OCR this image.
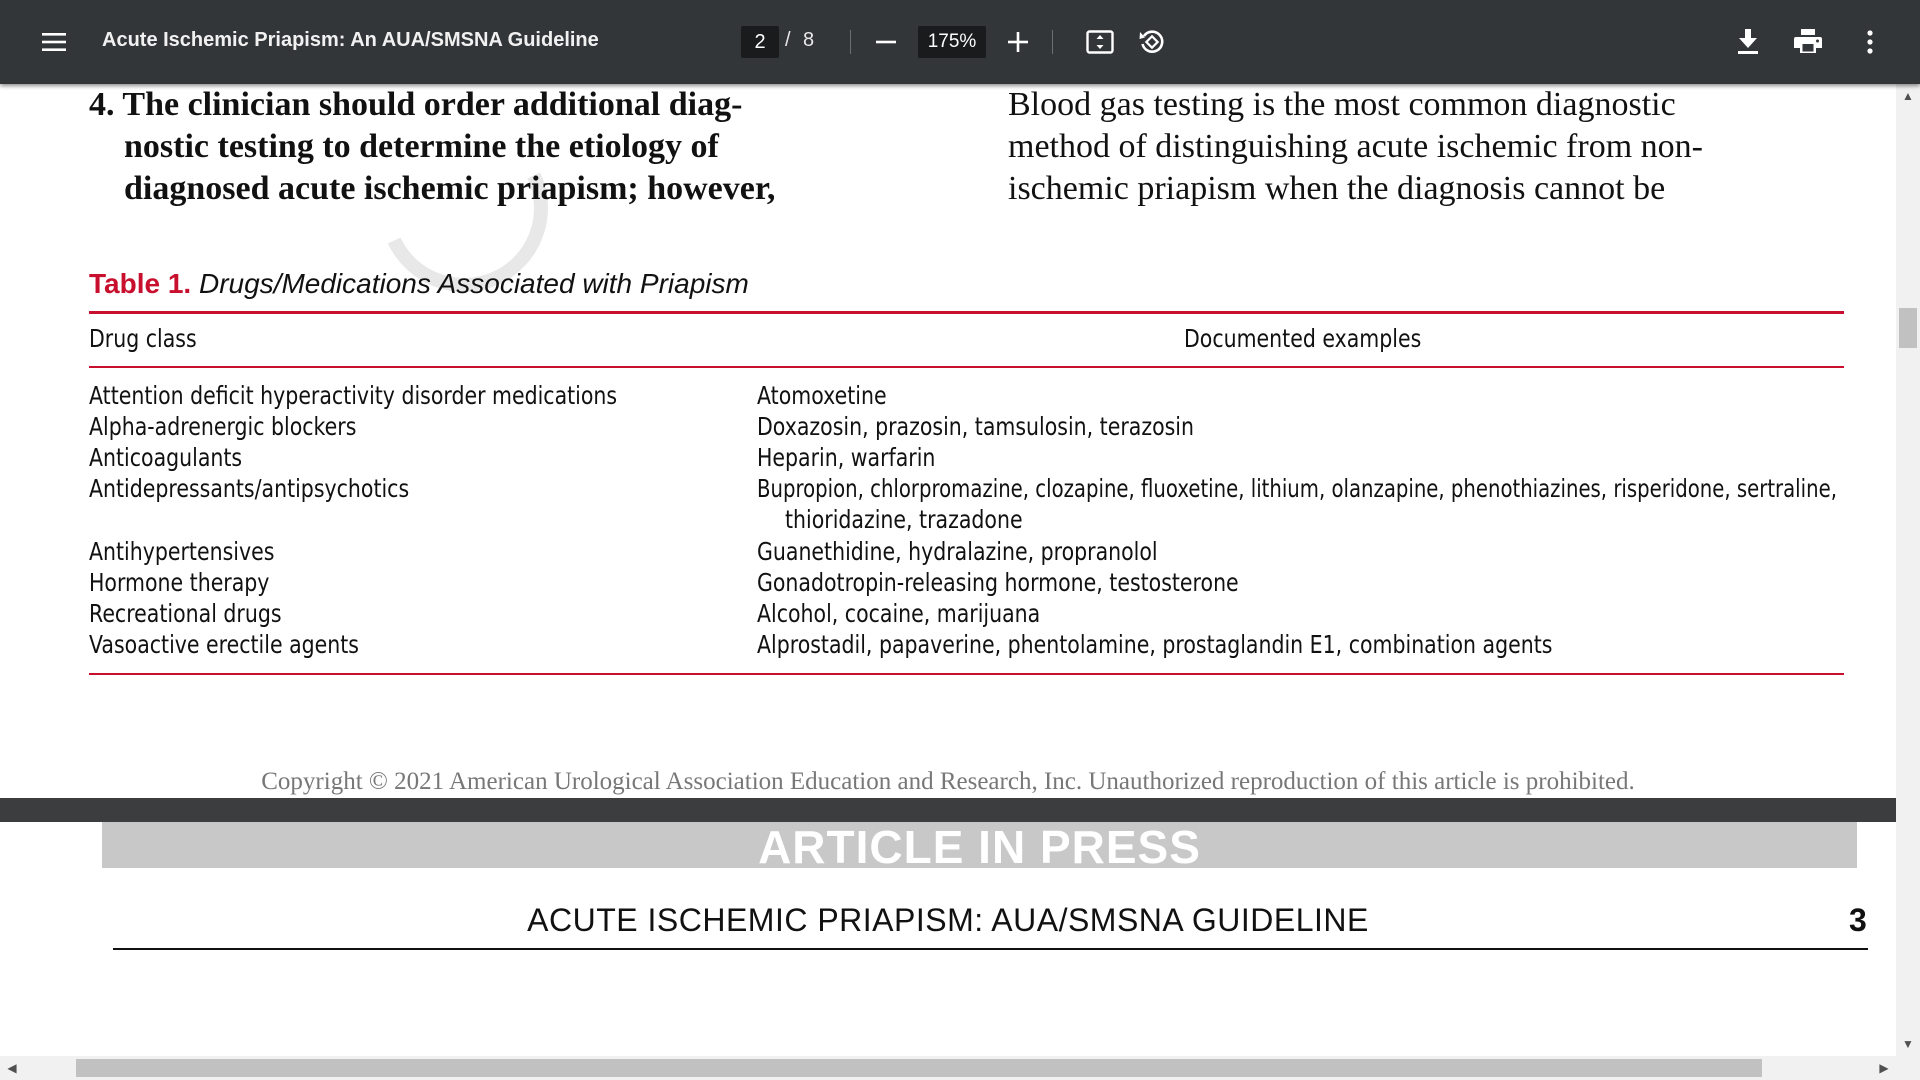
Acute Ischemic Priapism: An AUA/SMSNA Guideline	2 / 8	175%
4. The clinician should order additional diag-
nostic testing to determine the etiology of
diagnosed acute ischemic priapism; however,
Blood gas testing is the most common diagnostic
method of distinguishing acute ischemic from non-
ischemic priapism when the diagnosis cannot be
Table 1. Drugs/Medications Associated with Priapism
Drug class	Documented examples
Attention deficit hyperactivity disorder medications	Atomoxetine
Alpha-adrenergic blockers	Doxazosin, prazosin, tamsulosin, terazosin
Anticoagulants	Heparin, warfarin
Antidepressants/antipsychotics	Bupropion, chlorpromazine, clozapine, fluoxetine, lithium, olanzapine, phenothiazines, risperidone, sertraline,
thioridazine, trazadone
Antihypertensives	Guanethidine, hydralazine, propranolol
Hormone therapy	Gonadotropin-releasing hormone, testosterone
Recreational drugs	Alcohol, cocaine, marijuana
Vasoactive erectile agents	Alprostadil, papaverine, phentolamine, prostaglandin E1, combination agents
Copyright © 2021 American Urological Association Education and Research, Inc. Unauthorized reproduction of this article is prohibited.
ARTICLE IN PRESS
ACUTE ISCHEMIC PRIAPISM: AUA/SMSNA GUIDELINE	3
▲
▼
◀	▶
